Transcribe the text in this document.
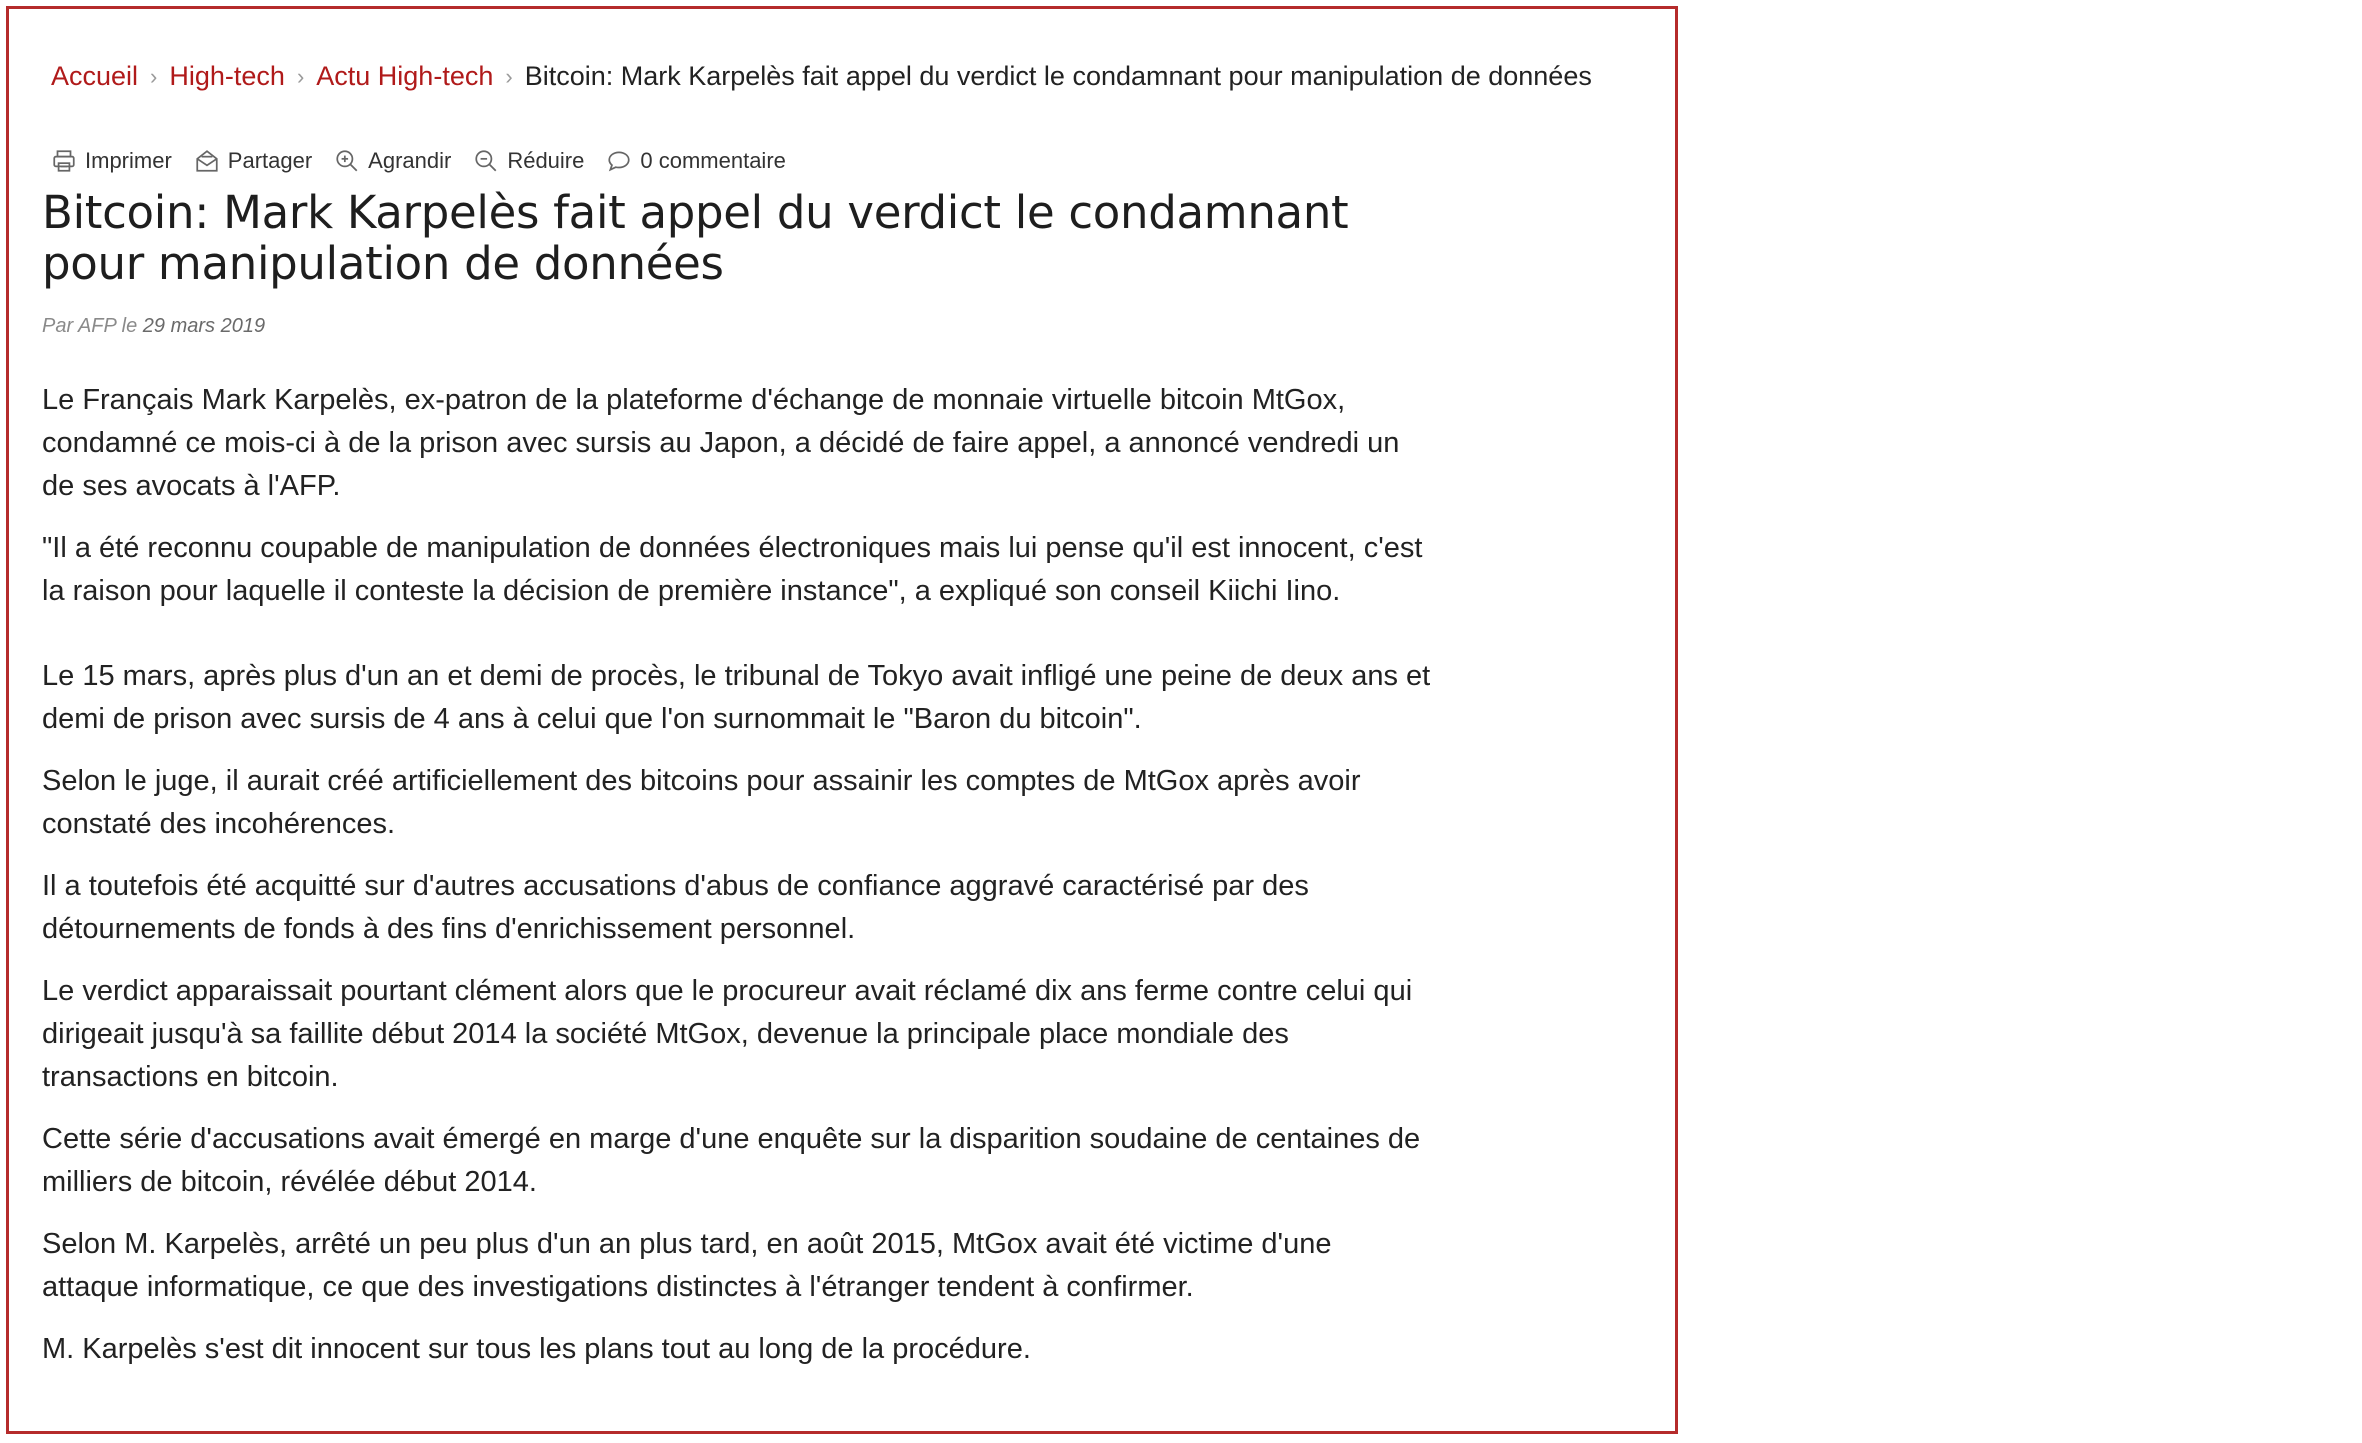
Accueil › High-tech › Actu High-tech › Bitcoin: Mark Karpelès fait appel du verdict le condamnant pour manipulation de données
Imprimer	Partager	Agrandir	Réduire	0 commentaire
Bitcoin: Mark Karpelès fait appel du verdict le condamnant pour manipulation de données
Par AFP le 29 mars 2019

Le Français Mark Karpelès, ex-patron de la plateforme d'échange de monnaie virtuelle bitcoin MtGox, condamné ce mois-ci à de la prison avec sursis au Japon, a décidé de faire appel, a annoncé vendredi un de ses avocats à l'AFP.

"Il a été reconnu coupable de manipulation de données électroniques mais lui pense qu'il est innocent, c'est la raison pour laquelle il conteste la décision de première instance", a expliqué son conseil Kiichi Iino.

Le 15 mars, après plus d'un an et demi de procès, le tribunal de Tokyo avait infligé une peine de deux ans et demi de prison avec sursis de 4 ans à celui que l'on surnommait le "Baron du bitcoin".

Selon le juge, il aurait créé artificiellement des bitcoins pour assainir les comptes de MtGox après avoir constaté des incohérences.

Il a toutefois été acquitté sur d'autres accusations d'abus de confiance aggravé caractérisé par des détournements de fonds à des fins d'enrichissement personnel.

Le verdict apparaissait pourtant clément alors que le procureur avait réclamé dix ans ferme contre celui qui dirigeait jusqu'à sa faillite début 2014 la société MtGox, devenue la principale place mondiale des transactions en bitcoin.

Cette série d'accusations avait émergé en marge d'une enquête sur la disparition soudaine de centaines de milliers de bitcoin, révélée début 2014.

Selon M. Karpelès, arrêté un peu plus d'un an plus tard, en août 2015, MtGox avait été victime d'une attaque informatique, ce que des investigations distinctes à l'étranger tendent à confirmer.

M. Karpelès s'est dit innocent sur tous les plans tout au long de la procédure.
